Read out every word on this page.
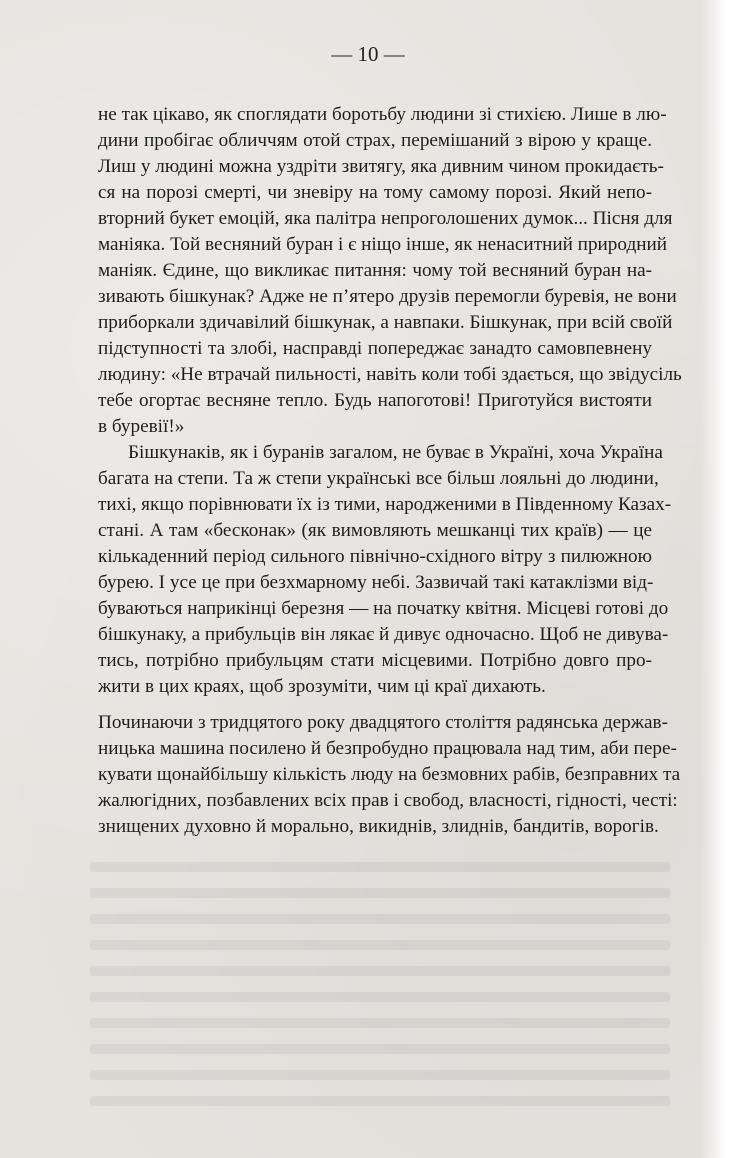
— 10 —
не так цікаво, як споглядати боротьбу людини зі стихією. Лише в лю-
дини пробігає обличчям отой страх, перемішаний з вірою у краще.
Лиш у людині можна уздріти звитягу, яка дивним чином прокидаєть-
ся на порозі смерті, чи зневіру на тому самому порозі. Який непо-
вторний букет емоцій, яка палітра непроголошених думок... Пісня для
маніяка. Той весняний буран і є ніщо інше, як ненаситний природний
маніяк. Єдине, що викликає питання: чому той весняний буран на-
зивають бішкунак? Адже не п’ятеро друзів перемогли буревія, не вони
приборкали здичавілий бішкунак, а навпаки. Бішкунак, при всій своїй
підступності та злобі, насправді попереджає занадто самовпевнену
людину: «Не втрачай пильності, навіть коли тобі здається, що звідусіль
тебе огортає весняне тепло. Будь напоготові! Приготуйся вистояти
в буревії!»
Бішкунаків, як і буранів загалом, не буває в Україні, хоча Україна
багата на степи. Та ж степи українські все більш лояльні до людини,
тихі, якщо порівнювати їх із тими, народженими в Південному Казах-
стані. А там «бесконак» (як вимовляють мешканці тих країв) — це
кількаденний період сильного північно-східного вітру з пилюжною
бурею. І усе це при безхмарному небі. Зазвичай такі катаклізми від-
буваються наприкінці березня — на початку квітня. Місцеві готові до
бішкунаку, а прибульців він лякає й дивує одночасно. Щоб не дивува-
тись, потрібно прибульцям стати місцевими. Потрібно довго про-
жити в цих краях, щоб зрозуміти, чим ці краї дихають.
Починаючи з тридцятого року двадцятого століття радянська держав-
ницька машина посилено й безпробудно працювала над тим, аби пере-
кувати щонайбільшу кількість люду на безмовних рабів, безправних та
жалюгідних, позбавлених всіх прав і свобод, власності, гідності, честі:
знищених духовно й морально, викиднів, злиднів, бандитів, ворогів.
